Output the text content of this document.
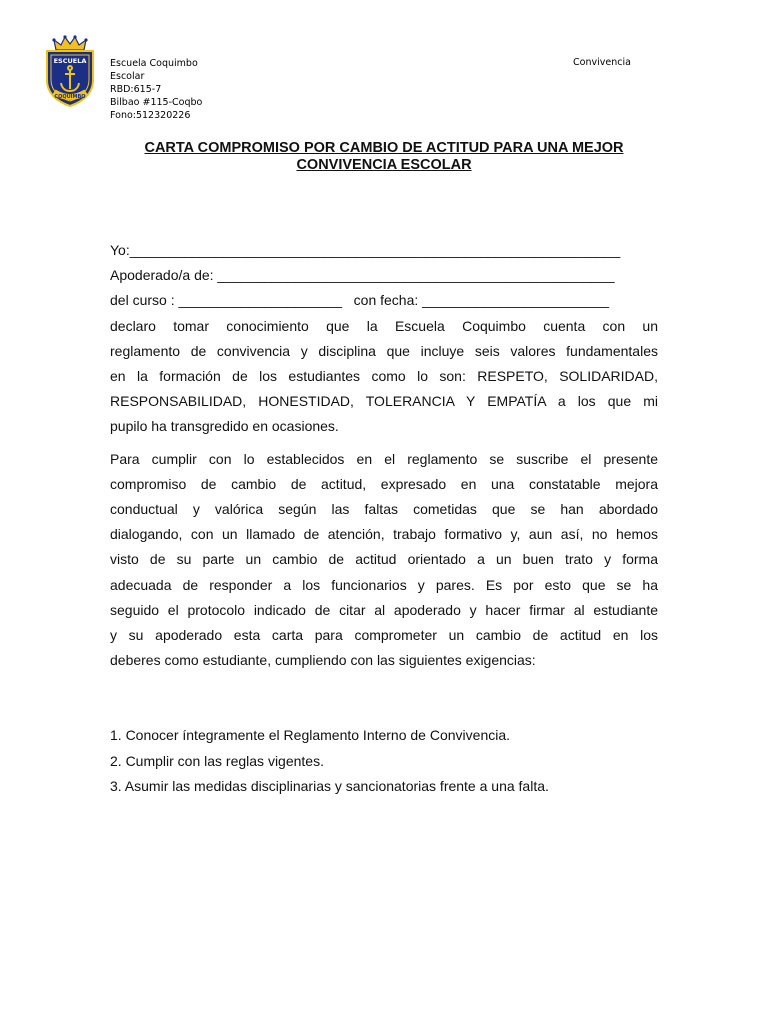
ESCUELA
COQUIMBO
Escuela Coquimbo
Escolar
RBD:615-7
Bilbao #115-Coqbo
Fono:512320226
Convivencia
CARTA COMPROMISO POR CAMBIO DE ACTITUD PARA UNA MEJOR
CONVIVENCIA ESCOLAR
Yo:_______________________________________________________________
Apoderado/a de: ___________________________________________________
del curso : _____________________ con fecha: ________________________
declaro tomar conocimiento que la Escuela Coquimbo cuenta con un
reglamento de convivencia y disciplina que incluye seis valores fundamentales
en la formación de los estudiantes como lo son: RESPETO, SOLIDARIDAD,
RESPONSABILIDAD, HONESTIDAD, TOLERANCIA Y EMPATÍA a los que mi
pupilo ha transgredido en ocasiones.
Para cumplir con lo establecidos en el reglamento se suscribe el presente
compromiso de cambio de actitud, expresado en una constatable mejora
conductual y valórica según las faltas cometidas que se han abordado
dialogando, con un llamado de atención, trabajo formativo y, aun así, no hemos
visto de su parte un cambio de actitud orientado a un buen trato y forma
adecuada de responder a los funcionarios y pares. Es por esto que se ha
seguido el protocolo indicado de citar al apoderado y hacer firmar al estudiante
y su apoderado esta carta para comprometer un cambio de actitud en los
deberes como estudiante, cumpliendo con las siguientes exigencias:
1. Conocer íntegramente el Reglamento Interno de Convivencia.
2. Cumplir con las reglas vigentes.
3. Asumir las medidas disciplinarias y sancionatorias frente a una falta.
